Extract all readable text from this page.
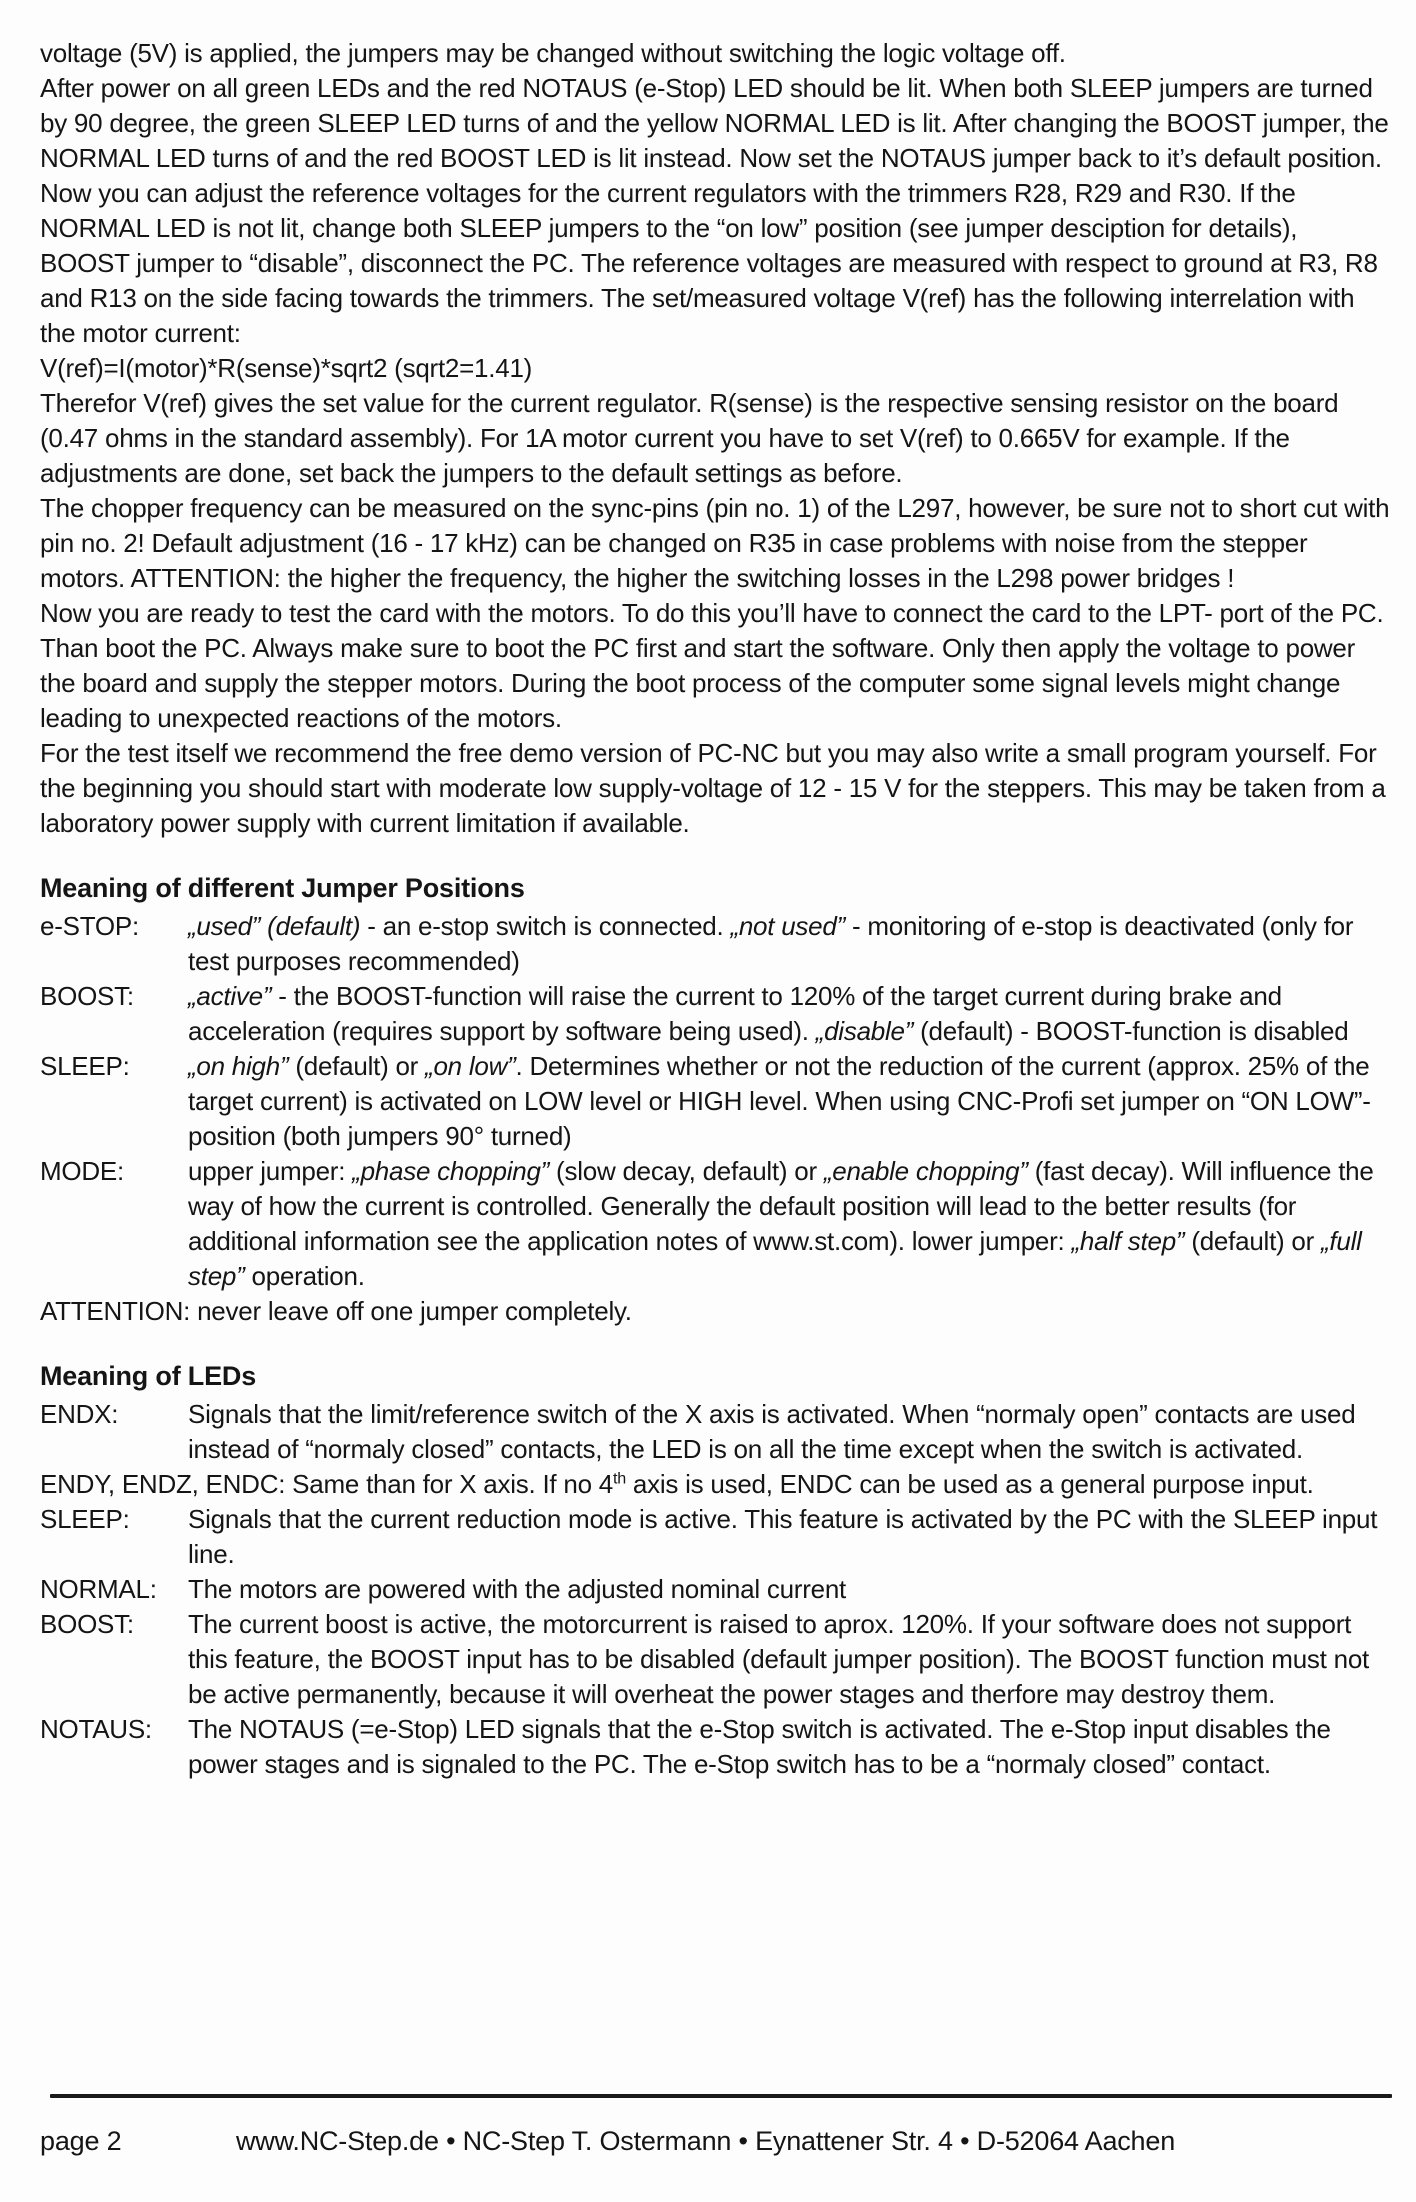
voltage (5V) is applied, the jumpers may be changed without switching the logic voltage off.

After power on all green LEDs and the red NOTAUS (e-Stop) LED should be lit. When both SLEEP jumpers are turned by 90 degree, the green SLEEP LED turns of and the yellow NORMAL LED is lit. After changing the BOOST jumper, the NORMAL LED turns of and the red BOOST LED is lit instead. Now set the NOTAUS jumper back to it’s default position.

Now you can adjust the reference voltages for the current regulators with the trimmers R28, R29 and R30. If the NORMAL LED is not lit, change both SLEEP jumpers to the “on low” position (see jumper desciption for details), BOOST jumper to “disable”, disconnect the PC. The reference voltages are measured with respect to ground at R3, R8 and R13 on the side facing towards the trimmers. The set/measured voltage V(ref) has the following interrelation with the motor current:

V(ref)=I(motor)*R(sense)*sqrt2 (sqrt2=1.41)

Therefor V(ref) gives the set value for the current regulator. R(sense) is the respective sensing resistor on the board (0.47 ohms in the standard assembly). For 1A motor current you have to set V(ref) to 0.665V for example. If the adjustments are done, set back the jumpers to the default settings as before.

The chopper frequency can be measured on the sync-pins (pin no. 1) of the L297, however, be sure not to short cut with pin no. 2! Default adjustment (16 - 17 kHz) can be changed on R35 in case problems with noise from the stepper motors. ATTENTION: the higher the frequency, the higher the switching losses in the L298 power bridges !

Now you are ready to test the card with the motors. To do this you’ll have to connect the card to the LPT- port of the PC. Than boot the PC. Always make sure to boot the PC first and start the software. Only then apply the voltage to power the board and supply the stepper motors. During the boot process of the computer some signal levels might change leading to unexpected reactions of the motors.

For the test itself we recommend the free demo version of PC-NC but you may also write a small program yourself. For the beginning you should start with moderate low supply-voltage of 12 - 15 V for the steppers. This may be taken from a laboratory power supply with current limitation if available.

Meaning of different Jumper Positions
e-STOP:	„used” (default) - an e-stop switch is connected. „not used” - monitoring of e-stop is deactivated (only for test purposes recommended)
BOOST:	„active” - the BOOST-function will raise the current to 120% of the target current during brake and acceleration (requires support by software being used). „disable” (default) - BOOST-function is disabled
SLEEP:	„on high” (default) or „on low”. Determines whether or not the reduction of the current (approx. 25% of the target current) is activated on LOW level or HIGH level. When using CNC-Profi set jumper on “ON LOW”-position (both jumpers 90° turned)
MODE:	upper jumper: „phase chopping” (slow decay, default) or „enable chopping” (fast decay). Will influence the way of how the current is controlled. Generally the default position will lead to the better results (for additional information see the application notes of www.st.com). lower jumper: „half step” (default) or „full step” operation.

ATTENTION: never leave off one jumper completely.

Meaning of LEDs
ENDX:	Signals that the limit/reference switch of the X axis is activated. When “normaly open” contacts are used instead of “normaly closed” contacts, the LED is on all the time except when the switch is activated.

ENDY, ENDZ, ENDC: Same than for X axis. If no 4th axis is used, ENDC can be used as a general purpose input.

SLEEP:	Signals that the current reduction mode is active. This feature is activated by the PC with the SLEEP input line.
NORMAL:	The motors are powered with the adjusted nominal current
BOOST:	The current boost is active, the motorcurrent is raised to aprox. 120%. If your software does not support this feature, the BOOST input has to be disabled (default jumper position). The BOOST function must not be active permanently, because it will overheat the power stages and therfore may destroy them.
NOTAUS:	The NOTAUS (=e-Stop) LED signals that the e-Stop switch is activated. The e-Stop input disables the power stages and is signaled to the PC. The e-Stop switch has to be a “normaly closed” contact.
page 2	www.NC-Step.de • NC-Step T. Ostermann • Eynattener Str. 4 • D-52064 Aachen
